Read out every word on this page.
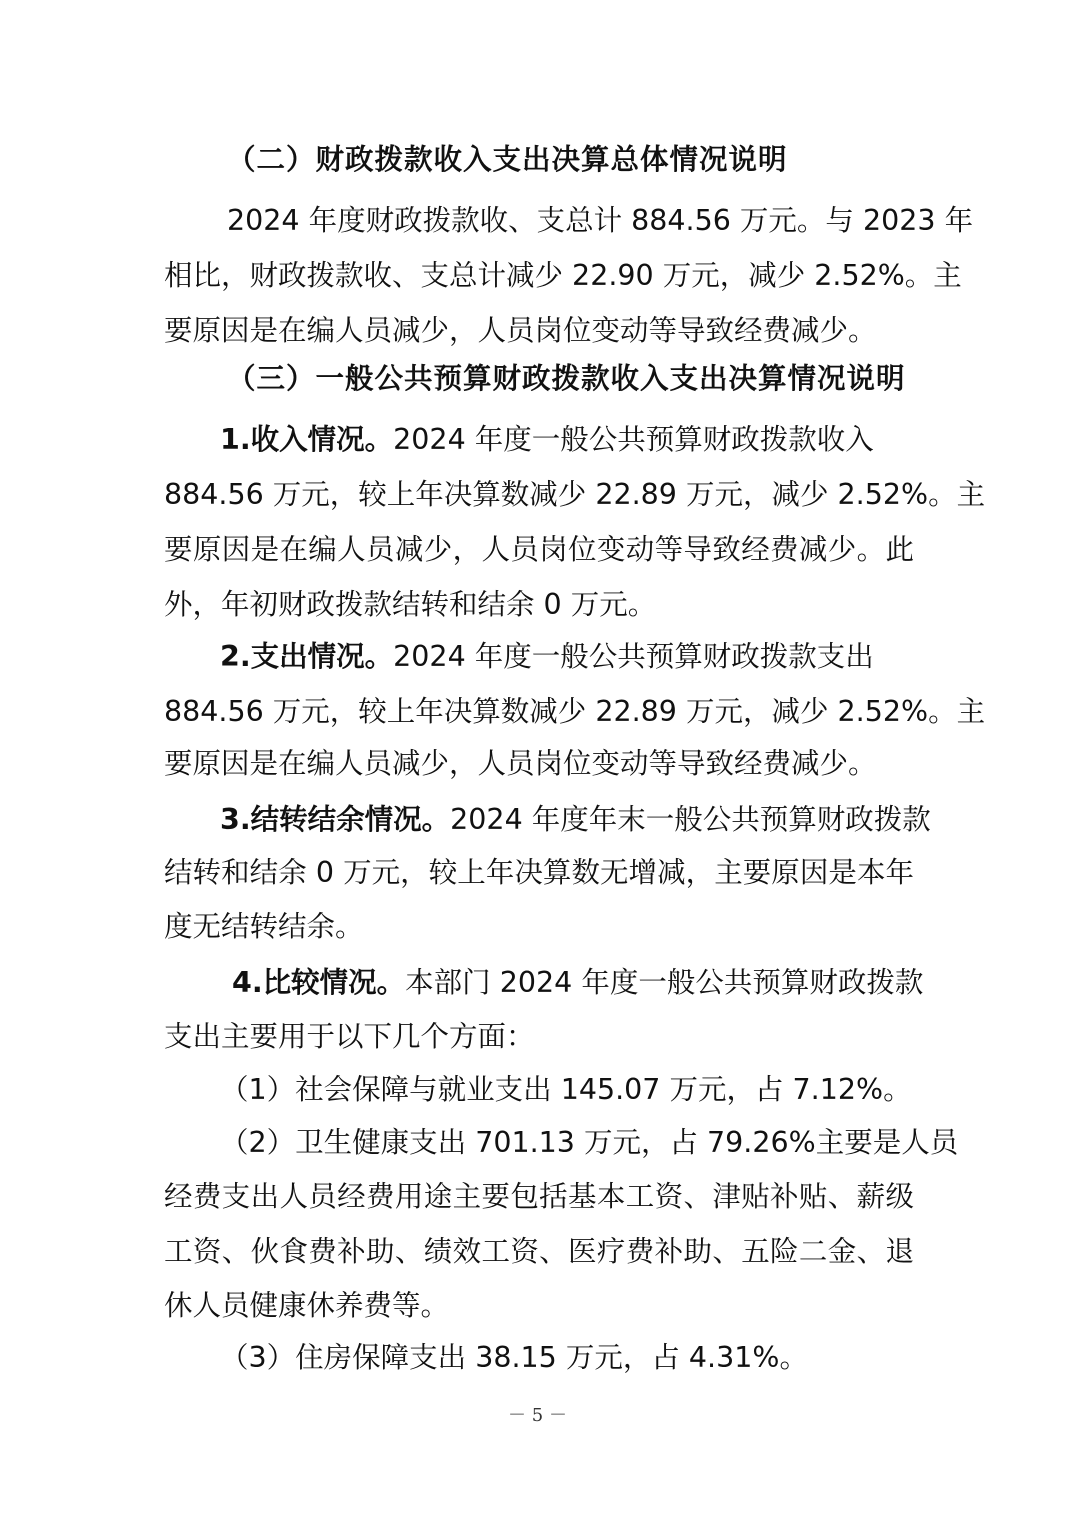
（二）财政拨款收入支出决算总体情况说明
2024 年度财政拨款收、支总计 884.56 万元。与 2023 年
相比，财政拨款收、支总计减少 22.90 万元，减少 2.52%。主
要原因是在编人员减少，人员岗位变动等导致经费减少。
（三）一般公共预算财政拨款收入支出决算情况说明
1.收入情况。2024 年度一般公共预算财政拨款收入
884.56 万元，较上年决算数减少 22.89 万元，减少 2.52%。主
要原因是在编人员减少，人员岗位变动等导致经费减少。此
外，年初财政拨款结转和结余 0 万元。
2.支出情况。2024 年度一般公共预算财政拨款支出
884.56 万元，较上年决算数减少 22.89 万元，减少 2.52%。主
要原因是在编人员减少，人员岗位变动等导致经费减少。
3.结转结余情况。2024 年度年末一般公共预算财政拨款
结转和结余 0 万元，较上年决算数无增减，主要原因是本年
度无结转结余。
4.比较情况。本部门 2024 年度一般公共预算财政拨款
支出主要用于以下几个方面：
（1）社会保障与就业支出 145.07 万元，占 7.12%。
（2）卫生健康支出 701.13 万元，占 79.26%主要是人员
经费支出人员经费用途主要包括基本工资、津贴补贴、薪级
工资、伙食费补助、绩效工资、医疗费补助、五险二金、退
休人员健康休养费等。
（3）住房保障支出 38.15 万元，占 4.31%。
－ 5 －
